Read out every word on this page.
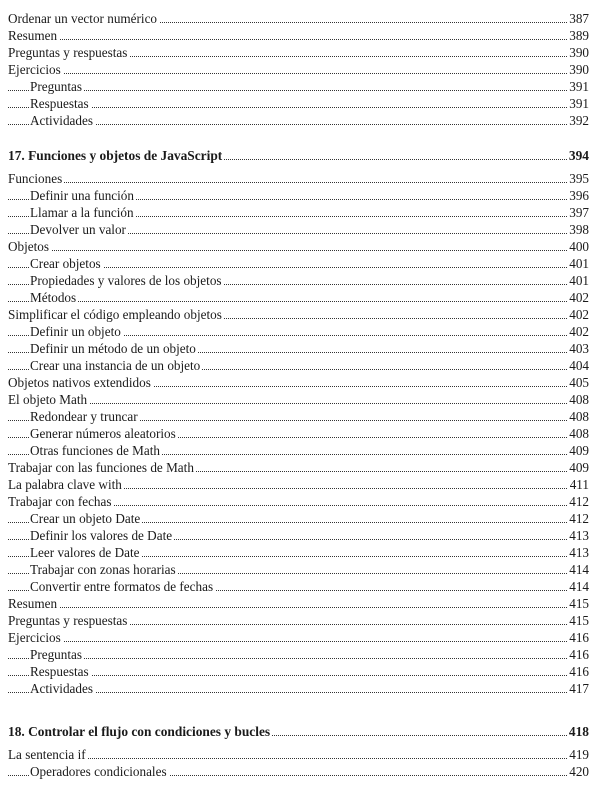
Ordenar un vector numérico	387
Resumen	389
Preguntas y respuestas	390
Ejercicios	390
Preguntas	391
Respuestas	391
Actividades	392
17. Funciones y objetos de JavaScript	394
Funciones	395
Definir una función	396
Llamar a la función	397
Devolver un valor	398
Objetos	400
Crear objetos	401
Propiedades y valores de los objetos	401
Métodos	402
Simplificar el código empleando objetos	402
Definir un objeto	402
Definir un método de un objeto	403
Crear una instancia de un objeto	404
Objetos nativos extendidos	405
El objeto Math	408
Redondear y truncar	408
Generar números aleatorios	408
Otras funciones de Math	409
Trabajar con las funciones de Math	409
La palabra clave with	411
Trabajar con fechas	412
Crear un objeto Date	412
Definir los valores de Date	413
Leer valores de Date	413
Trabajar con zonas horarias	414
Convertir entre formatos de fechas	414
Resumen	415
Preguntas y respuestas	415
Ejercicios	416
Preguntas	416
Respuestas	416
Actividades	417
18. Controlar el flujo con condiciones y bucles	418
La sentencia if	419
Operadores condicionales	420
